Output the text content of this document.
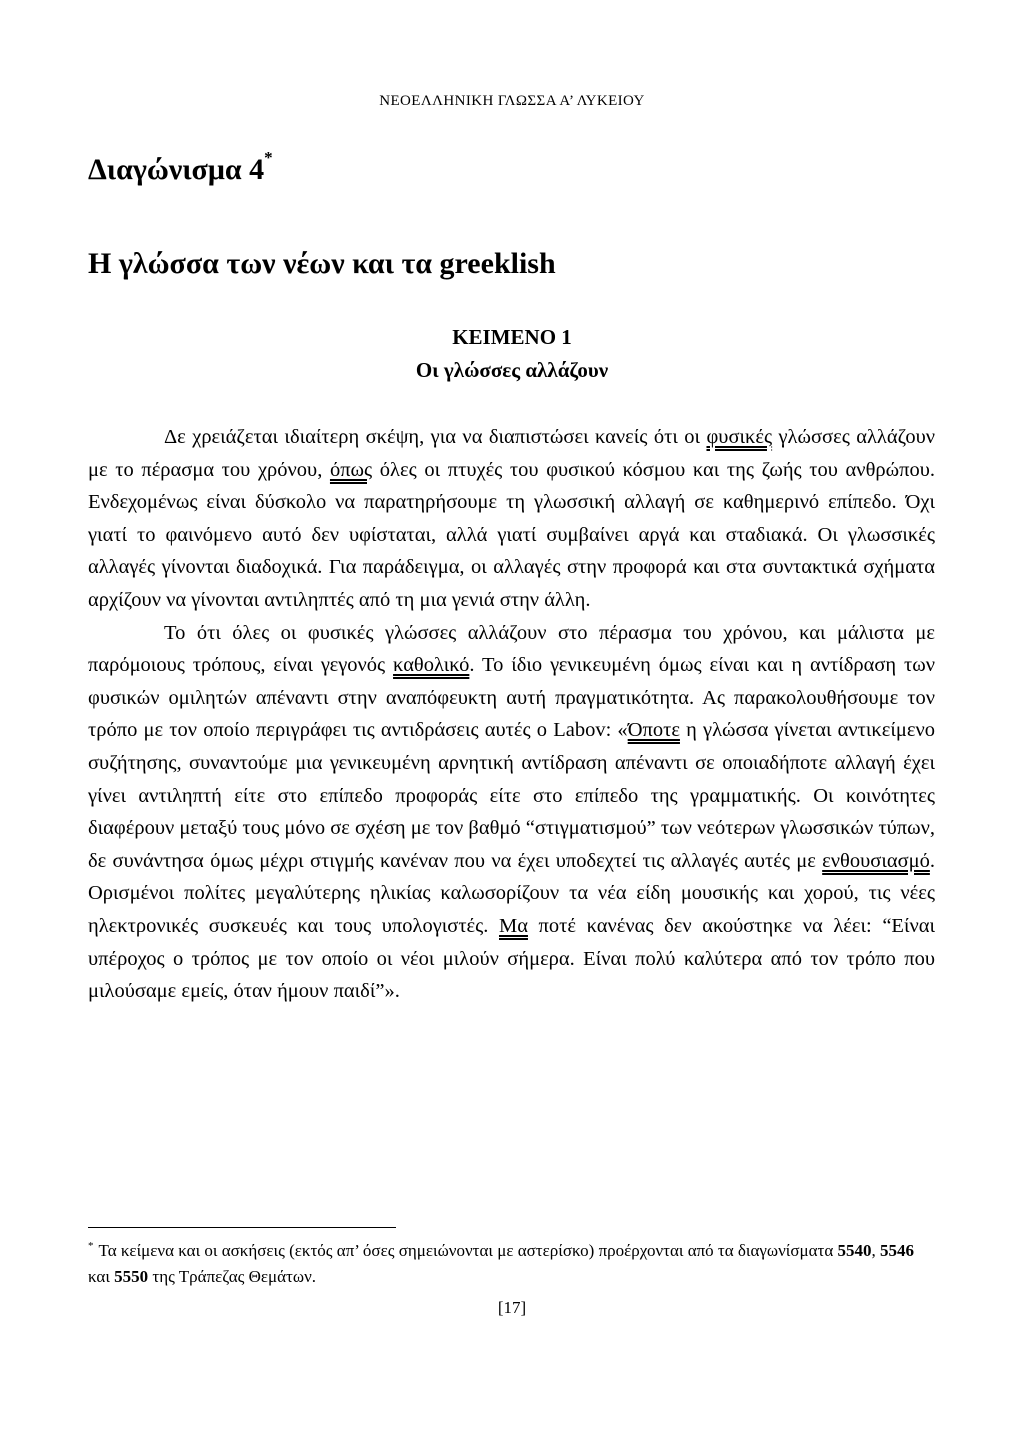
ΝΕΟΕΛΛΗΝΙΚΗ ΓΛΩΣΣΑ Α’ ΛΥΚΕΙΟΥ
Διαγώνισμα 4*
Η γλώσσα των νέων και τα greeklish
ΚΕΙΜΕΝΟ 1
Οι γλώσσες αλλάζουν

Δε χρειάζεται ιδιαίτερη σκέψη, για να διαπιστώσει κανείς ότι οι φυσικές γλώσσες αλλάζουν με το πέρασμα του χρόνου, όπως όλες οι πτυχές του φυσικού κόσμου και της ζωής του ανθρώπου. Ενδεχομένως είναι δύσκολο να παρατηρήσουμε τη γλωσσική αλλαγή σε καθημερινό επίπεδο. Όχι γιατί το φαινόμενο αυτό δεν υφίσταται, αλλά γιατί συμβαίνει αργά και σταδιακά. Οι γλωσσικές αλλαγές γίνονται διαδοχικά. Για παράδειγμα, οι αλλαγές στην προφορά και στα συντακτικά σχήματα αρχίζουν να γίνονται αντιληπτές από τη μια γενιά στην άλλη.

Το ότι όλες οι φυσικές γλώσσες αλλάζουν στο πέρασμα του χρόνου, και μάλιστα με παρόμοιους τρόπους, είναι γεγονός καθολικό. Το ίδιο γενικευμένη όμως είναι και η αντίδραση των φυσικών ομιλητών απέναντι στην αναπόφευκτη αυτή πραγματικότητα. Ας παρακολουθήσουμε τον τρόπο με τον οποίο περιγράφει τις αντιδράσεις αυτές ο Labov: «Όποτε η γλώσσα γίνεται αντικείμενο συζήτησης, συναντούμε μια γενικευμένη αρνητική αντίδραση απέναντι σε οποιαδήποτε αλλαγή έχει γίνει αντιληπτή είτε στο επίπεδο προφοράς είτε στο επίπεδο της γραμματικής. Οι κοινότητες διαφέρουν μεταξύ τους μόνο σε σχέση με τον βαθμό “στιγματισμού” των νεότερων γλωσσικών τύπων, δε συνάντησα όμως μέχρι στιγμής κανέναν που να έχει υποδεχτεί τις αλλαγές αυτές με ενθουσιασμό. Ορισμένοι πολίτες μεγαλύτερης ηλικίας καλωσορίζουν τα νέα είδη μουσικής και χορού, τις νέες ηλεκτρονικές συσκευές και τους υπολογιστές. Μα ποτέ κανένας δεν ακούστηκε να λέει: “Είναι υπέροχος ο τρόπος με τον οποίο οι νέοι μιλούν σήμερα. Είναι πολύ καλύτερα από τον τρόπο που μιλούσαμε εμείς, όταν ήμουν παιδί”».

* Τα κείμενα και οι ασκήσεις (εκτός απ’ όσες σημειώνονται με αστερίσκο) προέρχονται από τα διαγωνίσματα 5540, 5546 και 5550 της Τράπεζας Θεμάτων.
[17]
